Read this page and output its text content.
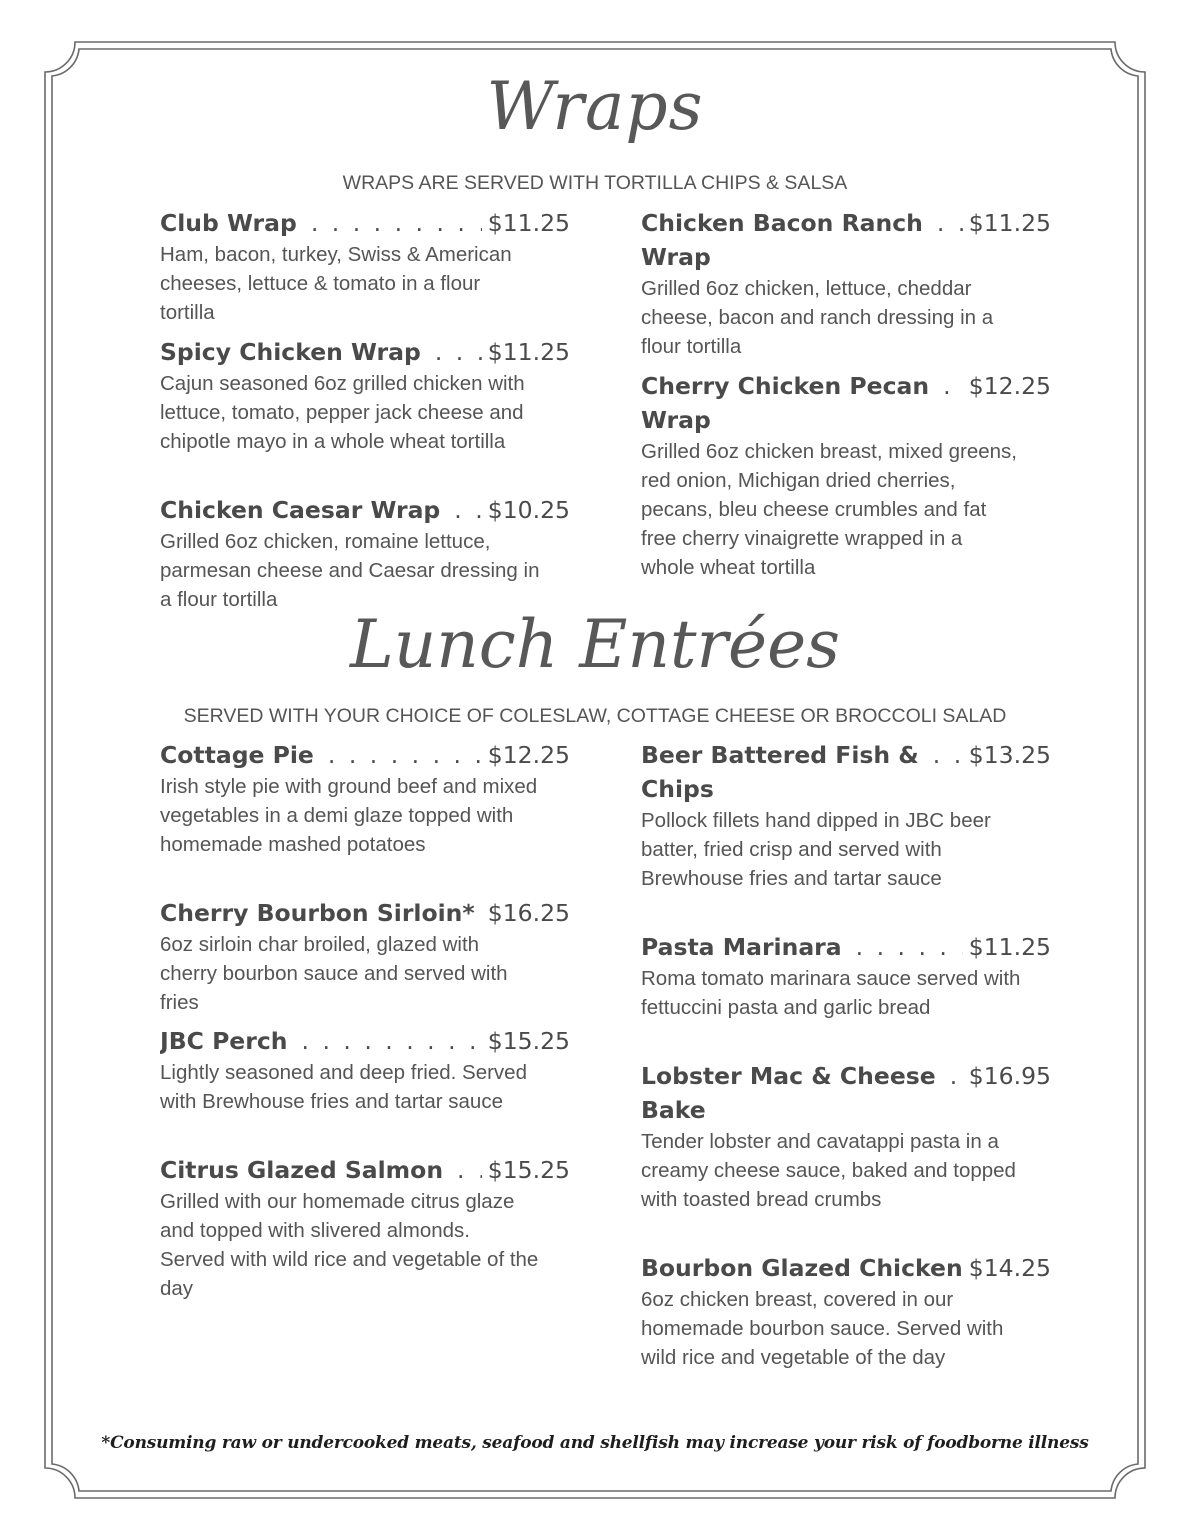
Wraps
WRAPS ARE SERVED WITH TORTILLA CHIPS & SALSA
Club Wrap . . .	$11.25
Ham, bacon, turkey, Swiss & American cheeses, lettuce & tomato in a flour tortilla
Spicy Chicken Wrap . . .	$11.25
Cajun seasoned 6oz grilled chicken with lettuce, tomato, pepper jack cheese and chipotle mayo in a whole wheat tortilla
Chicken Caesar Wrap . . .	$10.25
Grilled 6oz chicken, romaine lettuce, parmesan cheese and Caesar dressing in a flour tortilla
Chicken Bacon Ranch . . .	$11.25
Wrap
Grilled 6oz chicken, lettuce, cheddar cheese, bacon and ranch dressing in a flour tortilla
Cherry Chicken Pecan . . .	$12.25
Wrap
Grilled 6oz chicken breast, mixed greens, red onion, Michigan dried cherries, pecans, bleu cheese crumbles and fat free cherry vinaigrette wrapped in a whole wheat tortilla
Lunch Entrées
SERVED WITH YOUR CHOICE OF COLESLAW, COTTAGE CHEESE OR BROCCOLI SALAD
Cottage Pie . . .	$12.25
Irish style pie with ground beef and mixed vegetables in a demi glaze topped with homemade mashed potatoes
Cherry Bourbon Sirloin* $16.25
6oz sirloin char broiled, glazed with cherry bourbon sauce and served with fries
JBC Perch . . .	$15.25
Lightly seasoned and deep fried. Served with Brewhouse fries and tartar sauce
Citrus Glazed Salmon . . .	$15.25
Grilled with our homemade citrus glaze and topped with slivered almonds. Served with wild rice and vegetable of the day
Beer Battered Fish & . . .	$13.25
Chips
Pollock fillets hand dipped in JBC beer batter, fried crisp and served with Brewhouse fries and tartar sauce
Pasta Marinara . . .	$11.25
Roma tomato marinara sauce served with fettuccini pasta and garlic bread
Lobster Mac & Cheese . . .	$16.95
Bake
Tender lobster and cavatappi pasta in a creamy cheese sauce, baked and topped with toasted bread crumbs
Bourbon Glazed Chicken $14.25
6oz chicken breast, covered in our homemade bourbon sauce. Served with wild rice and vegetable of the day
*Consuming raw or undercooked meats, seafood and shellfish may increase your risk of foodborne illness
